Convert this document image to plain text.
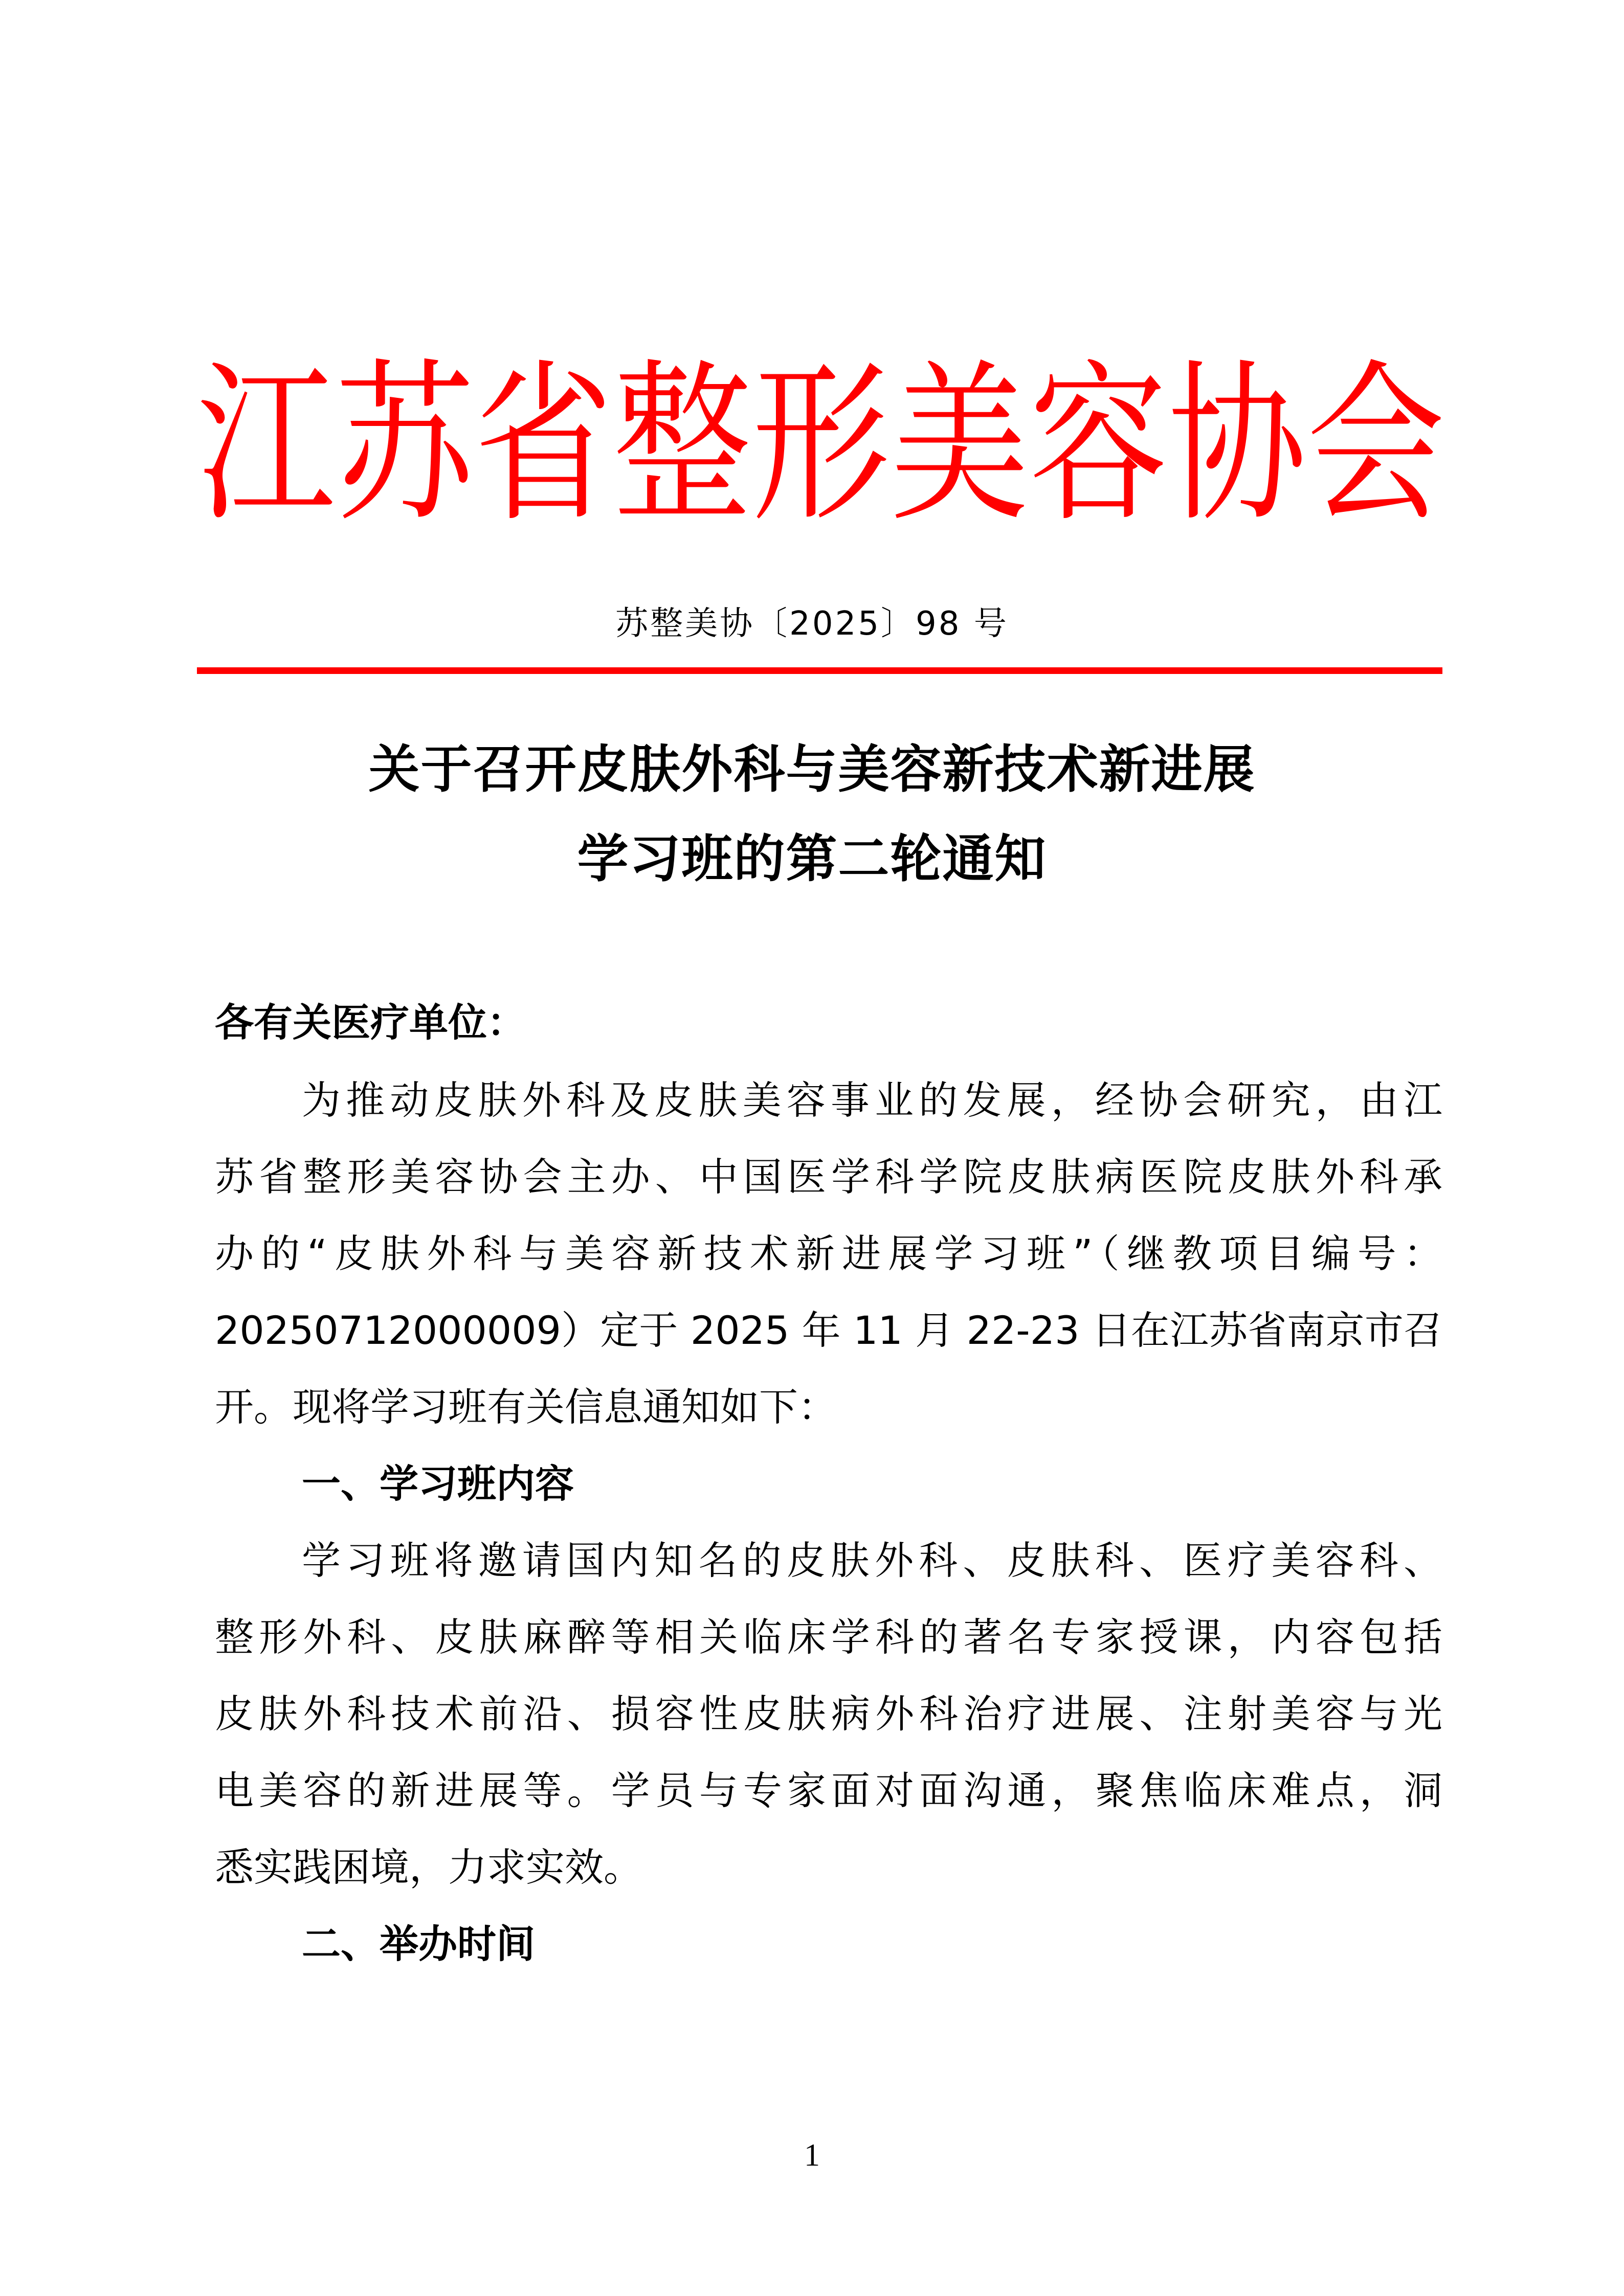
江 苏 省 整 形 美 容 协 会
苏整美协〔2025〕98 号
关于召开皮肤外科与美容新技术新进展
学习班的第二轮通知
各有关医疗单位：
为推动皮肤外科及皮肤美容事业的发展，经协会研究，由江
苏省整形美容协会主办、中国医学科学院皮肤病医院皮肤外科承
办的“皮肤外科与美容新技术新进展学习班”（继教项目编号：
20250712000009）定于 2025 年 11 月 22-23 日在江苏省南京市召
开。现将学习班有关信息通知如下：
一、学习班内容
学习班将邀请国内知名的皮肤外科、皮肤科、医疗美容科、
整形外科、皮肤麻醉等相关临床学科的著名专家授课，内容包括
皮肤外科技术前沿、损容性皮肤病外科治疗进展、注射美容与光
电美容的新进展等。学员与专家面对面沟通，聚焦临床难点，洞
悉实践困境，力求实效。
二、举办时间
1
